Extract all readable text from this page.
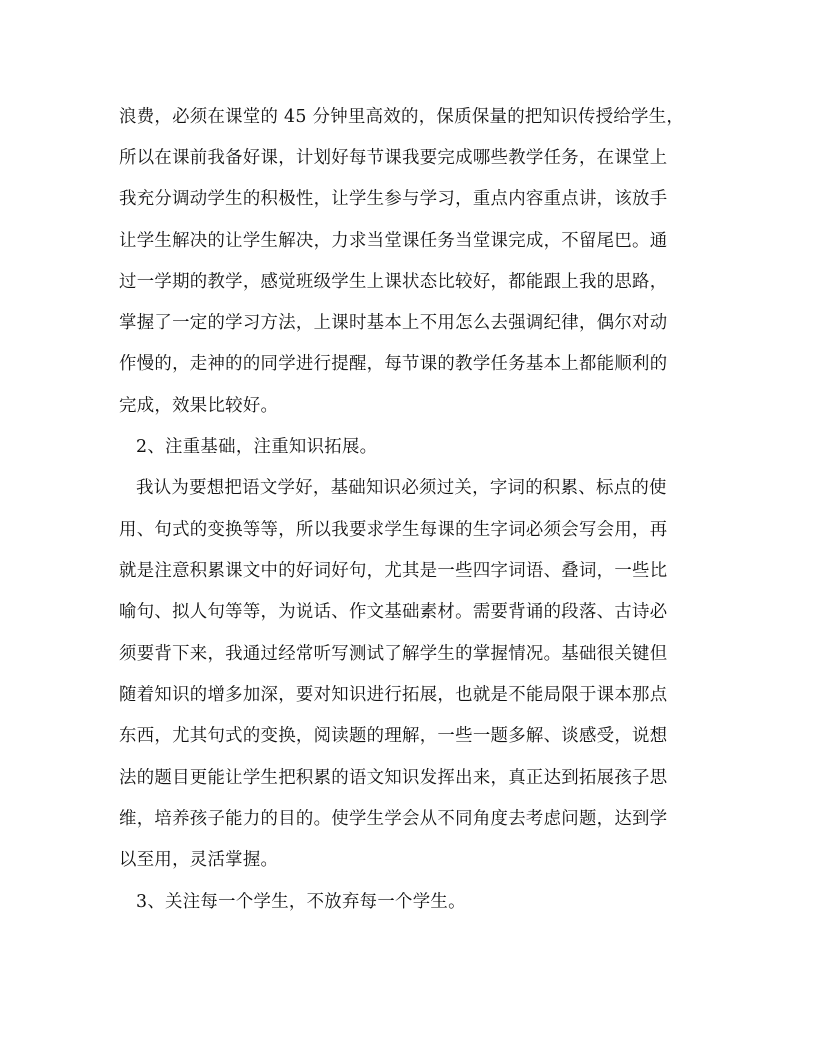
浪费，必须在课堂的 45 分钟里高效的，保质保量的把知识传授给学生，
所以在课前我备好课，计划好每节课我要完成哪些教学任务，在课堂上
我充分调动学生的积极性，让学生参与学习，重点内容重点讲，该放手
让学生解决的让学生解决，力求当堂课任务当堂课完成，不留尾巴。通
过一学期的教学，感觉班级学生上课状态比较好，都能跟上我的思路，
掌握了一定的学习方法，上课时基本上不用怎么去强调纪律，偶尔对动
作慢的，走神的的同学进行提醒，每节课的教学任务基本上都能顺利的
完成，效果比较好。
2、注重基础，注重知识拓展。
我认为要想把语文学好，基础知识必须过关，字词的积累、标点的使
用、句式的变换等等，所以我要求学生每课的生字词必须会写会用，再
就是注意积累课文中的好词好句，尤其是一些四字词语、叠词，一些比
喻句、拟人句等等，为说话、作文基础素材。需要背诵的段落、古诗必
须要背下来，我通过经常听写测试了解学生的掌握情况。基础很关键但
随着知识的增多加深，要对知识进行拓展，也就是不能局限于课本那点
东西，尤其句式的变换，阅读题的理解，一些一题多解、谈感受，说想
法的题目更能让学生把积累的语文知识发挥出来，真正达到拓展孩子思
维，培养孩子能力的目的。使学生学会从不同角度去考虑问题，达到学
以至用，灵活掌握。
3、关注每一个学生，不放弃每一个学生。
